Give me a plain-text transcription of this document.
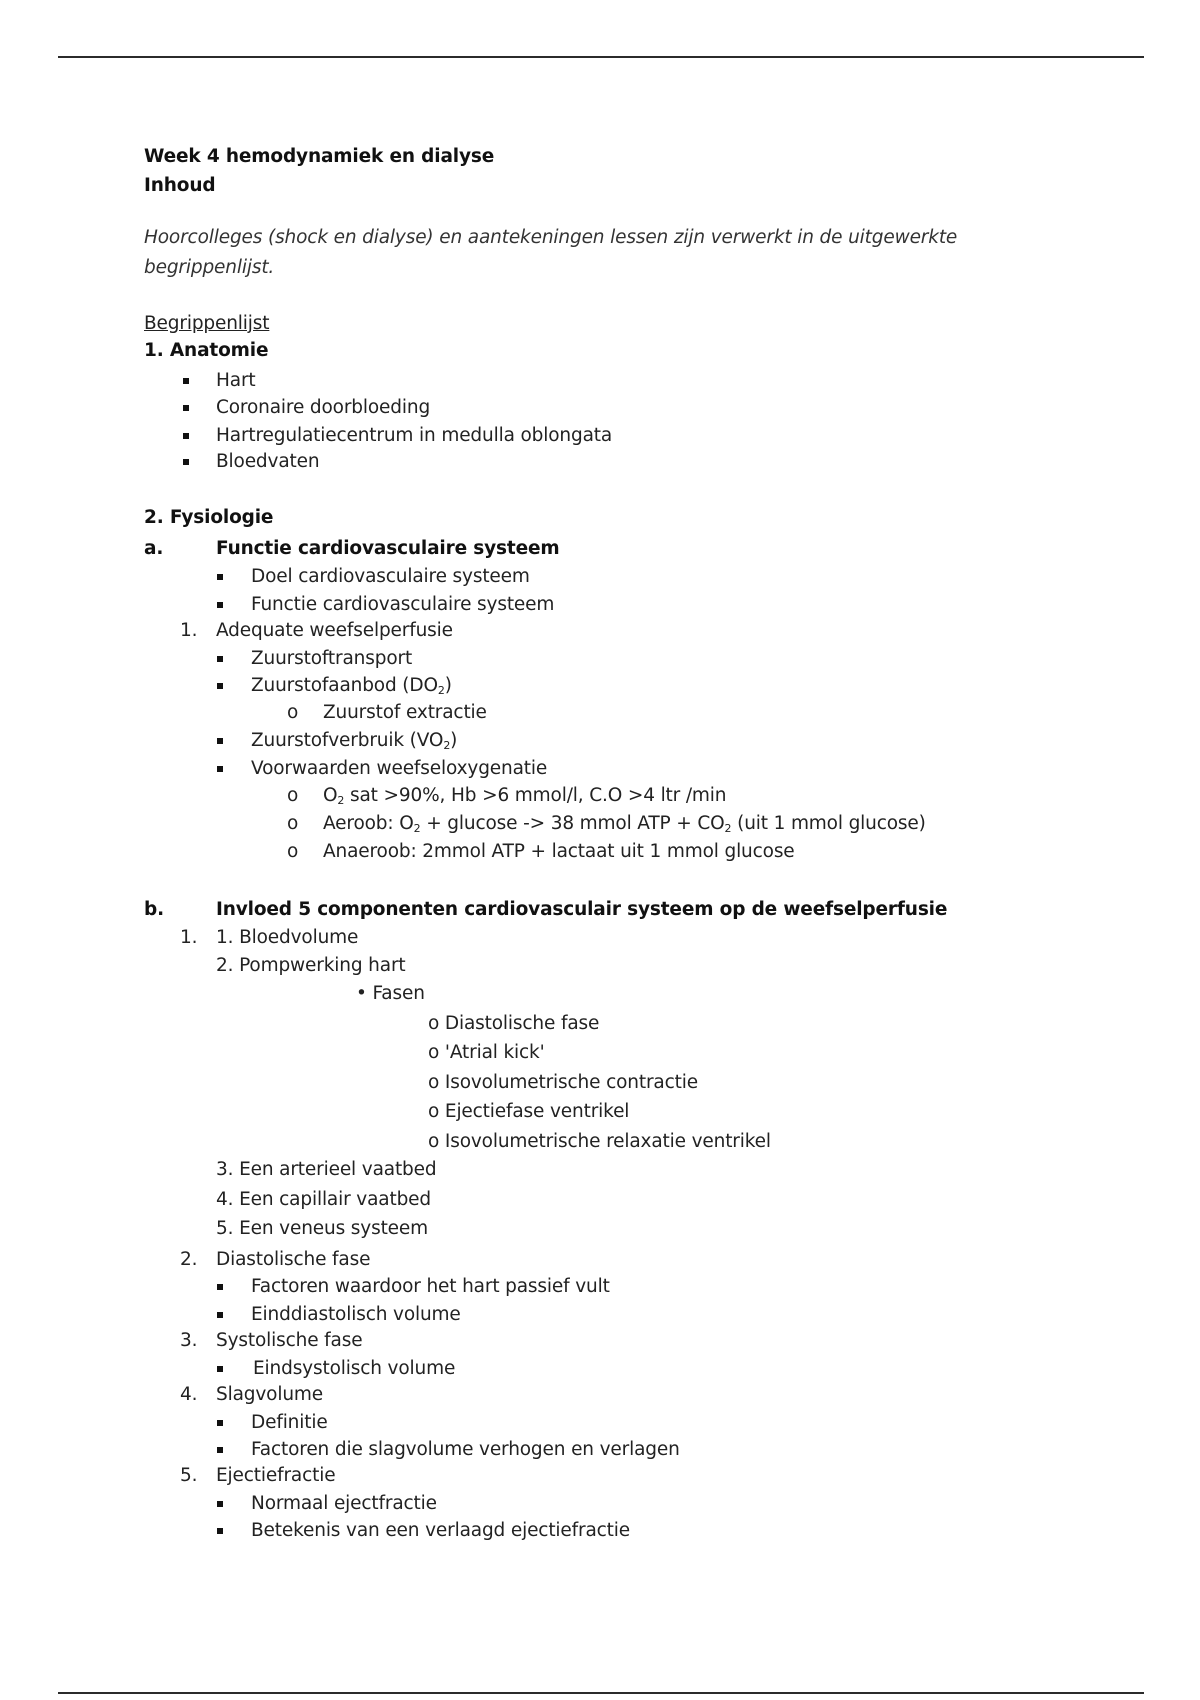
Week 4 hemodynamiek en dialyse
Inhoud
Hoorcolleges (shock en dialyse) en aantekeningen lessen zijn verwerkt in de uitgewerkte
begrippenlijst.
Begrippenlijst
1. Anatomie
Hart
Coronaire doorbloeding
Hartregulatiecentrum in medulla oblongata
Bloedvaten
2. Fysiologie
a.	Functie cardiovasculaire systeem
Doel cardiovasculaire systeem
Functie cardiovasculaire systeem
1. Adequate weefselperfusie
Zuurstoftransport
Zuurstofaanbod $(DO_2)$
o Zuurstof extractie
Zuurstofverbruik $(VO_2)$
Voorwaarden weefseloxygenatie
o $O_2$ sat >90%, Hb >6 mmol/l, C.O >4 ltr /min
o Aeroob: $O_2 + glucose -> 38$ mmol ATP + $CO_2$ (uit 1 mmol glucose)
o Anaeroob: 2mmol ATP + lactaat uit 1 mmol glucose
b.	Invloed 5 componenten cardiovasculair systeem op de weefselperfusie
1. 1. Bloedvolume
2. Pompwerking hart
• Fasen
o Diastolische fase
o 'Atrial kick'
o Isovolumetrische contractie
o Ejectiefase ventrikel
o Isovolumetrische relaxatie ventrikel
3. Een arterieel vaatbed
4. Een capillair vaatbed
5. Een veneus systeem
2. Diastolische fase
Factoren waardoor het hart passief vult
Einddiastolisch volume
3. Systolische fase
Eindsystolisch volume
4. Slagvolume
Definitie
Factoren die slagvolume verhogen en verlagen
5. Ejectiefractie
Normaal ejectfractie
Betekenis van een verlaagd ejectiefractie
